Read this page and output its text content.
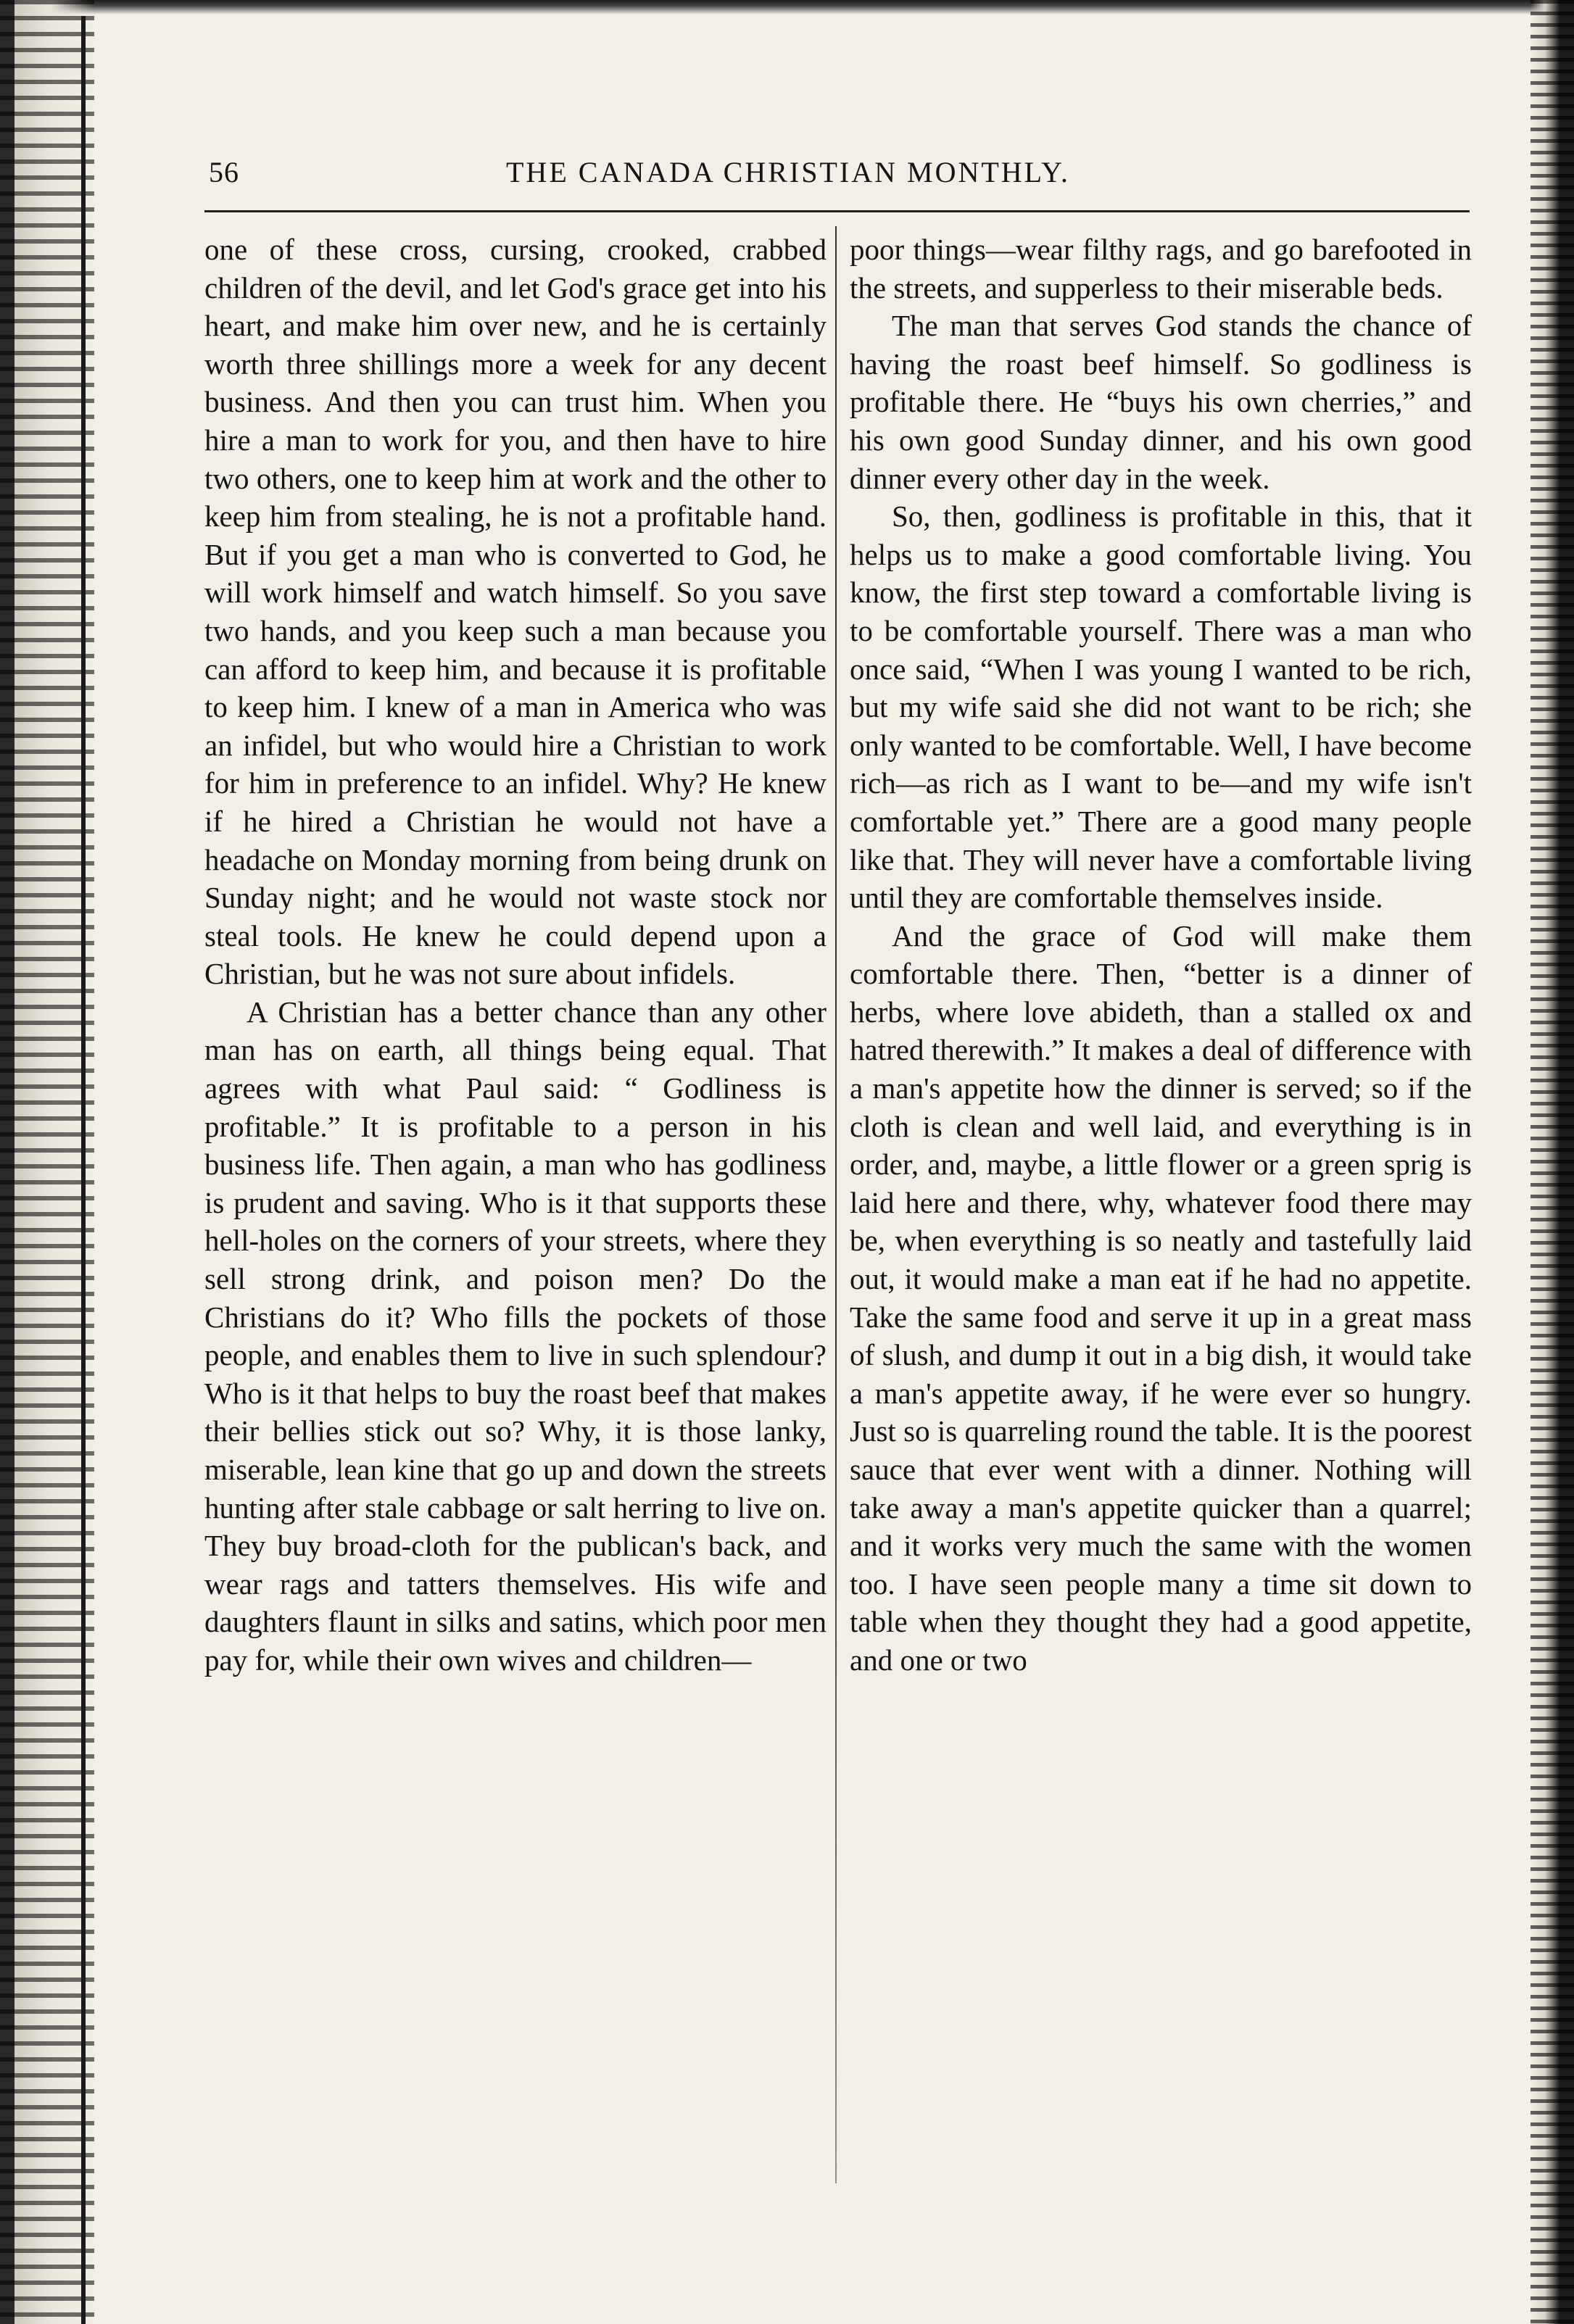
56	THE CANADA CHRISTIAN MONTHLY.

one of these cross, cursing, crooked, crabbed children of the devil, and let God's grace get into his heart, and make him over new, and he is certainly worth three shillings more a week for any decent business. And then you can trust him. When you hire a man to work for you, and then have to hire two others, one to keep him at work and the other to keep him from stealing, he is not a profitable hand. But if you get a man who is converted to God, he will work himself and watch himself. So you save two hands, and you keep such a man because you can afford to keep him, and because it is profitable to keep him. I knew of a man in America who was an infidel, but who would hire a Christian to work for him in preference to an infidel. Why? He knew if he hired a Christian he would not have a headache on Monday morning from being drunk on Sunday night; and he would not waste stock nor steal tools. He knew he could depend upon a Christian, but he was not sure about infidels.

A Christian has a better chance than any other man has on earth, all things being equal. That agrees with what Paul said: “ Godliness is profitable.” It is profitable to a person in his business life. Then again, a man who has godliness is prudent and saving. Who is it that supports these hell-holes on the corners of your streets, where they sell strong drink, and poison men? Do the Christians do it? Who fills the pockets of those people, and enables them to live in such splendour? Who is it that helps to buy the roast beef that makes their bellies stick out so? Why, it is those lanky, miserable, lean kine that go up and down the streets hunting after stale cabbage or salt herring to live on. They buy broad-cloth for the publican's back, and wear rags and tatters themselves. His wife and daughters flaunt in silks and satins, which poor men pay for, while their own wives and children—

poor things—wear filthy rags, and go barefooted in the streets, and supperless to their miserable beds.

The man that serves God stands the chance of having the roast beef himself. So godliness is profitable there. He “buys his own cherries,” and his own good Sunday dinner, and his own good dinner every other day in the week.

So, then, godliness is profitable in this, that it helps us to make a good comfortable living. You know, the first step toward a comfortable living is to be comfortable yourself. There was a man who once said, “When I was young I wanted to be rich, but my wife said she did not want to be rich; she only wanted to be comfortable. Well, I have become rich—as rich as I want to be—and my wife isn't comfortable yet.” There are a good many people like that. They will never have a comfortable living until they are comfortable themselves inside.

And the grace of God will make them comfortable there. Then, “better is a dinner of herbs, where love abideth, than a stalled ox and hatred therewith.” It makes a deal of difference with a man's appetite how the dinner is served; so if the cloth is clean and well laid, and everything is in order, and, maybe, a little flower or a green sprig is laid here and there, why, whatever food there may be, when everything is so neatly and tastefully laid out, it would make a man eat if he had no appetite. Take the same food and serve it up in a great mass of slush, and dump it out in a big dish, it would take a man's appetite away, if he were ever so hungry. Just so is quarreling round the table. It is the poorest sauce that ever went with a dinner. Nothing will take away a man's appetite quicker than a quarrel; and it works very much the same with the women too. I have seen people many a time sit down to table when they thought they had a good appetite, and one or two
